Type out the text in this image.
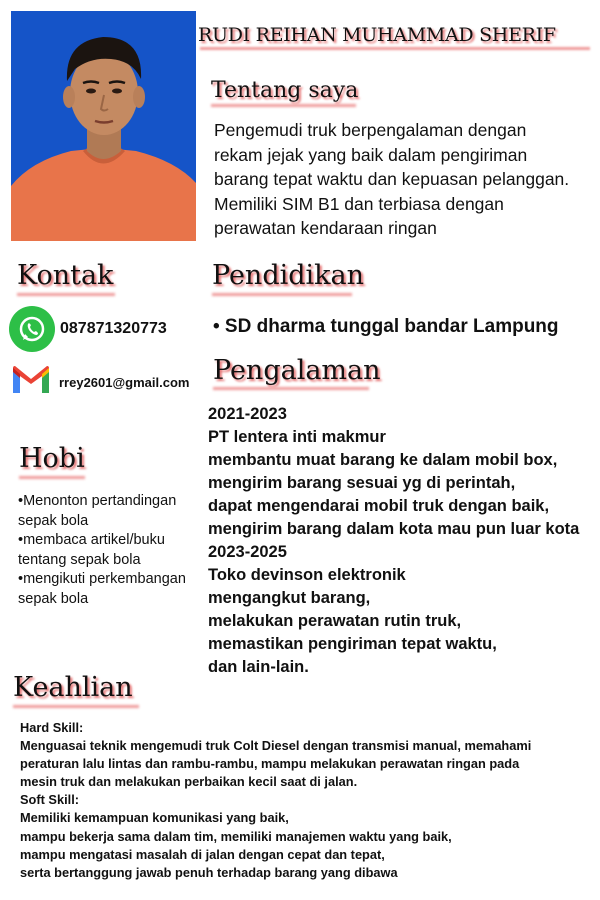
RUDI REIHAN MUHAMMAD SHERIF
Tentang saya
Pengemudi truk berpengalaman dengan
rekam jejak yang baik dalam pengiriman
barang tepat waktu dan kepuasan pelanggan.
Memiliki SIM B1 dan terbiasa dengan
perawatan kendaraan ringan
Kontak
087871320773
rrey2601@gmail.com
Hobi
•Menonton pertandingan
sepak bola
•membaca artikel/buku
tentang sepak bola
•mengikuti perkembangan
sepak bola
Pendidikan
• SD dharma tunggal bandar Lampung
Pengalaman
2021-2023
PT lentera inti makmur
membantu muat barang ke dalam mobil box,
mengirim barang sesuai yg di perintah,
dapat mengendarai mobil truk dengan baik,
mengirim barang dalam kota mau pun luar kota
2023-2025
Toko devinson elektronik
mengangkut barang,
melakukan perawatan rutin truk,
memastikan pengiriman tepat waktu,
dan lain-lain.
Keahlian
Hard Skill:
Menguasai teknik mengemudi truk Colt Diesel dengan transmisi manual, memahami
peraturan lalu lintas dan rambu-rambu, mampu melakukan perawatan ringan pada
mesin truk dan melakukan perbaikan kecil saat di jalan.
Soft Skill:
Memiliki kemampuan komunikasi yang baik,
mampu bekerja sama dalam tim, memiliki manajemen waktu yang baik,
mampu mengatasi masalah di jalan dengan cepat dan tepat,
serta bertanggung jawab penuh terhadap barang yang dibawa
